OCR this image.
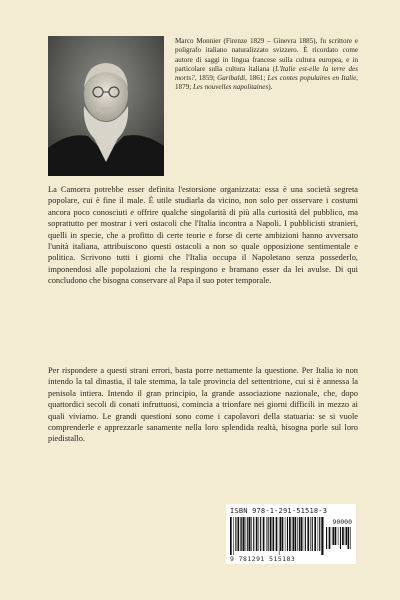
Marco Monnier (Firenze 1829 – Ginevra 1885), fu scrittore e poligrafo italiano naturalizzato svizzero. È ricordato come autore di saggi in lingua francese sulla cultura europea, e in particolare sulla cultura italiana (L'Italie est-elle la terre des morts?, 1859; Garibaldi, 1861; Les contes populaires en Italie, 1879; Les nouvelles napolitaines).

La Camorra potrebbe esser definita l'estorsione organizzata: essa è una società segreta popolare, cui è fine il male. È utile studiarla da vicino, non solo per osservare i costumi ancora poco conosciuti e offrire qualche singolarità di più alla curiosità del pubblico, ma soprattutto per mostrar i veri ostacoli che l'Italia incontra a Napoli. I pubblicisti stranieri, quelli in specie, che a profitto di certe teorie e forse di certe ambizioni hanno avversato l'unità italiana, attribuiscono questi ostacoli a non so quale opposizione sentimentale e politica. Scrivono tutti i giorni che l'Italia occupa il Napoletano senza possederlo, imponendosi alle popolazioni che la respingono e bramano esser da lei avulse. Di qui concludono che bisogna conservare al Papa il suo poter temporale.

Per rispondere a questi strani errori, basta porre nettamente la questione. Per Italia io non intendo la tal dinastia, il tale stemma, la tale provincia del settentrione, cui si è annessa la penisola intiera. Intendo il gran principio, la grande associazione nazionale, che, dopo quattordici secoli di conati infruttuosi, comincia a trionfare nei giorni difficili in mezzo ai quali viviamo. Le grandi questioni sono come i capolavori della statuaria: se si vuole comprenderle e apprezzarle sanamente nella loro splendida realtà, bisogna porle sul loro piedistallo.

ISBN 978-1-291-51518-3
90000
9 781291 515183
